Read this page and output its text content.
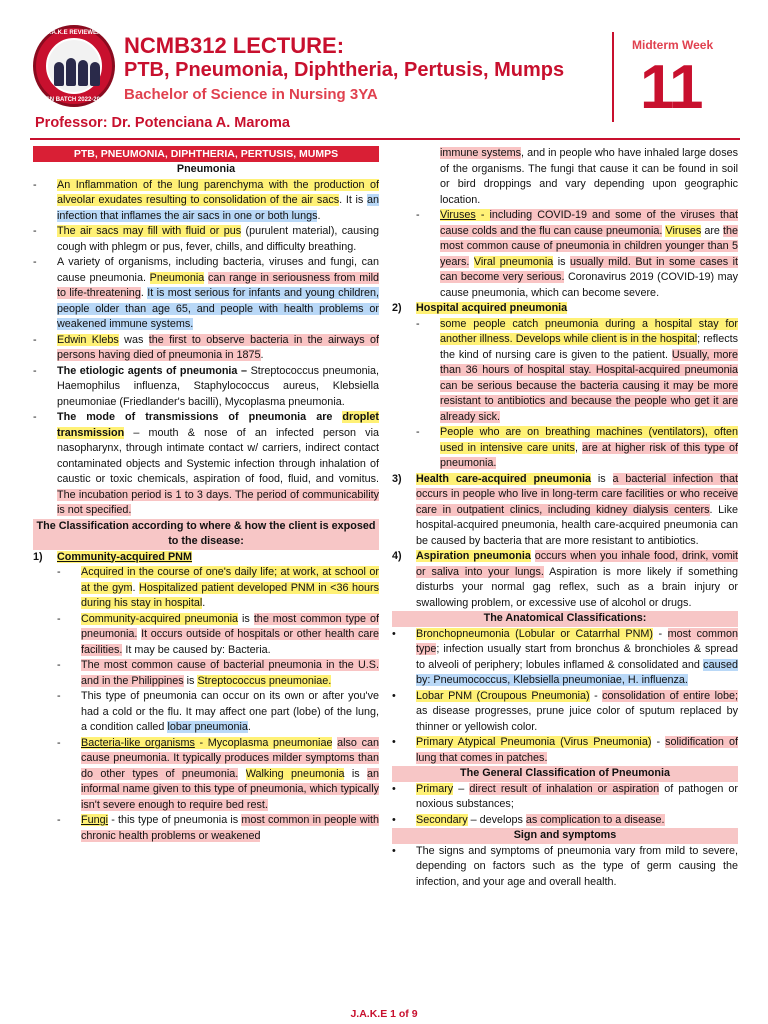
J.A.K.E REVIEWER
BSN BATCH 2022-2023
NCMB312 LECTURE:
PTB, Pneumonia, Diphtheria, Pertusis, Mumps
Bachelor of Science in Nursing 3YA
Midterm Week
11
Professor: Dr. Potenciana A. Maroma
PTB, PNEUMONIA, DIPHTHERIA, PERTUSIS, MUMPS
Pneumonia
-	An Inflammation of the lung parenchyma with the production of alveolar exudates resulting to consolidation of the air sacs. It is an infection that inflames the air sacs in one or both lungs.
-	The air sacs may fill with fluid or pus (purulent material), causing cough with phlegm or pus, fever, chills, and difficulty breathing.
-	A variety of organisms, including bacteria, viruses and fungi, can cause pneumonia. Pneumonia can range in seriousness from mild to life-threatening. It is most serious for infants and young children, people older than age 65, and people with health problems or weakened immune systems.
-	Edwin Klebs was the first to observe bacteria in the airways of persons having died of pneumonia in 1875.
-	The etiologic agents of pneumonia – Streptococcus pneumonia, Haemophilus influenza, Staphylococcus aureus, Klebsiella pneumoniae (Friedlander's bacilli), Mycoplasma pneumonia.
-	The mode of transmissions of pneumonia are droplet transmission – mouth & nose of an infected person via nasopharynx, through intimate contact w/ carriers, indirect contact contaminated objects and Systemic infection through inhalation of caustic or toxic chemicals, aspiration of food, fluid, and vomitus. The incubation period is 1 to 3 days. The period of communicability is not specified.
The Classification according to where & how the client is exposed to the disease:
1) Community-acquired PNM
-	Acquired in the course of one's daily life; at work, at school or at the gym. Hospitalized patient developed PNM in <36 hours during his stay in hospital.
-	Community-acquired pneumonia is the most common type of pneumonia. It occurs outside of hospitals or other health care facilities. It may be caused by: Bacteria.
-	The most common cause of bacterial pneumonia in the U.S. and in the Philippines is Streptococcus pneumoniae.
-	This type of pneumonia can occur on its own or after you've had a cold or the flu. It may affect one part (lobe) of the lung, a condition called lobar pneumonia.
-	Bacteria-like organisms - Mycoplasma pneumoniae also can cause pneumonia. It typically produces milder symptoms than do other types of pneumonia. Walking pneumonia is an informal name given to this type of pneumonia, which typically isn't severe enough to require bed rest.
-	Fungi - this type of pneumonia is most common in people with chronic health problems or weakened
immune systems, and in people who have inhaled large doses of the organisms. The fungi that cause it can be found in soil or bird droppings and vary depending upon geographic location.
-	Viruses - including COVID-19 and some of the viruses that cause colds and the flu can cause pneumonia. Viruses are the most common cause of pneumonia in children younger than 5 years. Viral pneumonia is usually mild. But in some cases it can become very serious. Coronavirus 2019 (COVID-19) may cause pneumonia, which can become severe.
2) Hospital acquired pneumonia
-	some people catch pneumonia during a hospital stay for another illness. Develops while client is in the hospital; reflects the kind of nursing care is given to the patient. Usually, more than 36 hours of hospital stay. Hospital-acquired pneumonia can be serious because the bacteria causing it may be more resistant to antibiotics and because the people who get it are already sick.
-	People who are on breathing machines (ventilators), often used in intensive care units, are at higher risk of this type of pneumonia.
3) Health care-acquired pneumonia is a bacterial infection that occurs in people who live in long-term care facilities or who receive care in outpatient clinics, including kidney dialysis centers. Like hospital-acquired pneumonia, health care-acquired pneumonia can be caused by bacteria that are more resistant to antibiotics.
4) Aspiration pneumonia occurs when you inhale food, drink, vomit or saliva into your lungs. Aspiration is more likely if something disturbs your normal gag reflex, such as a brain injury or swallowing problem, or excessive use of alcohol or drugs.
The Anatomical Classifications:
•	Bronchopneumonia (Lobular or Catarrhal PNM) - most common type; infection usually start from bronchus & bronchioles & spread to alveoli of periphery; lobules inflamed & consolidated and caused by: Pneumococcus, Klebsiella pneumoniae, H. influenza.
•	Lobar PNM (Croupous Pneumonia) - consolidation of entire lobe; as disease progresses, prune juice color of sputum replaced by thinner or yellowish color.
•	Primary Atypical Pneumonia (Virus Pneumonia) - solidification of lung that comes in patches.
The General Classification of Pneumonia
•	Primary – direct result of inhalation or aspiration of pathogen or noxious substances;
•	Secondary – develops as complication to a disease.
Sign and symptoms
•	The signs and symptoms of pneumonia vary from mild to severe, depending on factors such as the type of germ causing the infection, and your age and overall health.
J.A.K.E 1 of 9
